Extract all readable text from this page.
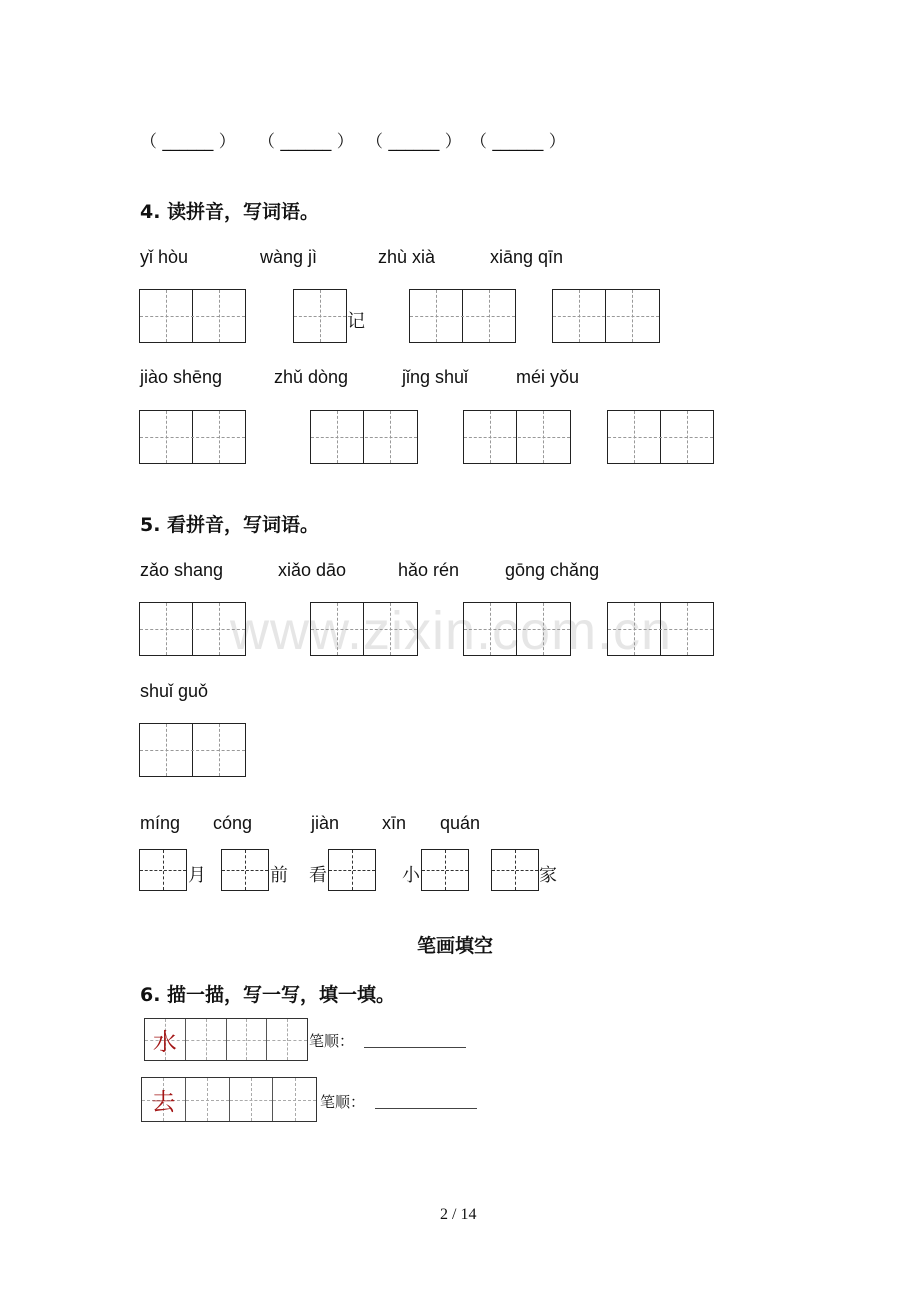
www.zixin.com.cn
（ ______ ） （ ______ ） （ ______ ） （ ______ ）
4. 读拼音，写词语。
yǐ hòu	wàng jì	zhù xià	xiāng qīn
记
jiào shēng	zhǔ dòng	jǐng shuǐ	méi yǒu
5. 看拼音，写词语。
zǎo shang	xiǎo dāo	hǎo rén	gōng chǎng
shuǐ guǒ
míng cóng	jiàn xīn quán
月	前 看	小	家
笔画填空
6. 描一描，写一写，填一填。
水	笔顺：
去	笔顺：
2 / 14
